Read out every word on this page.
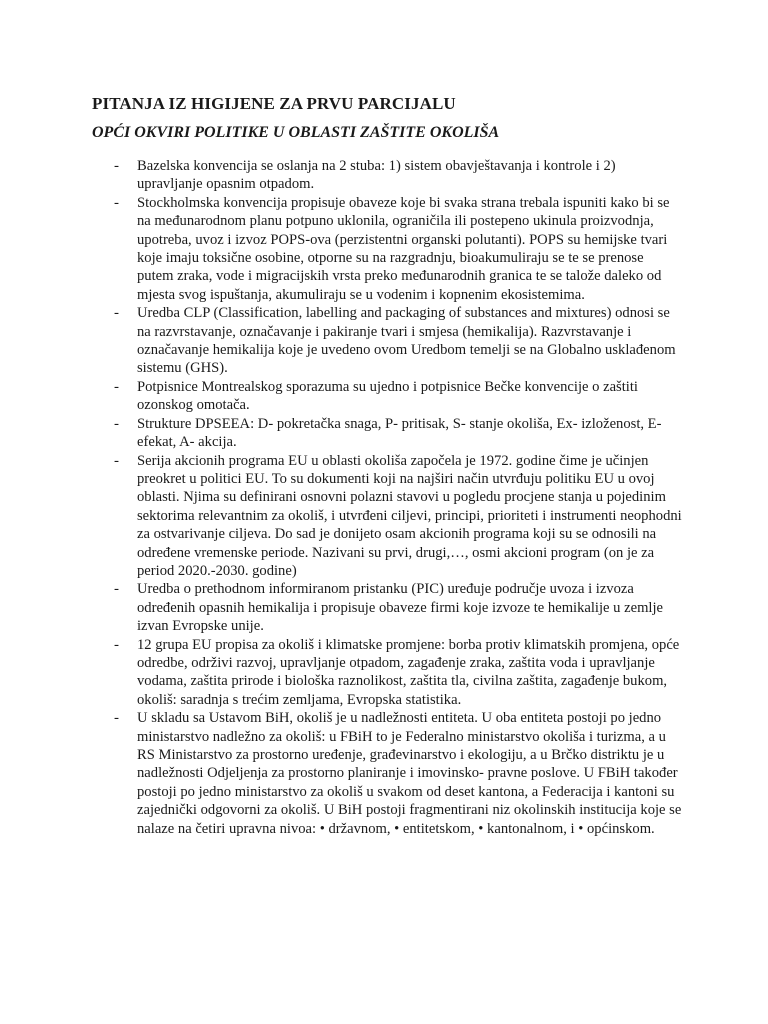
PITANJA IZ HIGIJENE ZA PRVU PARCIJALU
OPĆI OKVIRI POLITIKE U OBLASTI ZAŠTITE OKOLIŠA
- Bazelska konvencija se oslanja na 2 stuba: 1) sistem obavještavanja i kontrole i 2) upravljanje opasnim otpadom.
- Stockholmska konvencija propisuje obaveze koje bi svaka strana trebala ispuniti kako bi se na međunarodnom planu potpuno uklonila, ograničila ili postepeno ukinula proizvodnja, upotreba, uvoz i izvoz POPS-ova (perzistentni organski polutanti). POPS su hemijske tvari koje imaju toksične osobine, otporne su na razgradnju, bioakumuliraju se te se prenose putem zraka, vode i migracijskih vrsta preko međunarodnih granica te se talože daleko od mjesta svog ispuštanja, akumuliraju se u vodenim i kopnenim ekosistemima.
- Uredba CLP (Classification, labelling and packaging of substances and mixtures) odnosi se na razvrstavanje, označavanje i pakiranje tvari i smjesa (hemikalija). Razvrstavanje i označavanje hemikalija koje je uvedeno ovom Uredbom temelji se na Globalno usklađenom sistemu (GHS).
- Potpisnice Montrealskog sporazuma su ujedno i potpisnice Bečke konvencije o zaštiti ozonskog omotača.
- Strukture DPSEEA: D- pokretačka snaga, P- pritisak, S- stanje okoliša, Ex- izloženost, E- efekat, A- akcija.
- Serija akcionih programa EU u oblasti okoliša započela je 1972. godine čime je učinjen preokret u politici EU. To su dokumenti koji na najširi način utvrđuju politiku EU u ovoj oblasti. Njima su definirani osnovni polazni stavovi u pogledu procjene stanja u pojedinim sektorima relevantnim za okoliš, i utvrđeni ciljevi, principi, prioriteti i instrumenti neophodni za ostvarivanje ciljeva. Do sad je donijeto osam akcionih programa koji su se odnosili na određene vremenske periode. Nazivani su prvi, drugi,…, osmi akcioni program (on je za period 2020.-2030. godine)
- Uredba o prethodnom informiranom pristanku (PIC) uređuje područje uvoza i izvoza određenih opasnih hemikalija i propisuje obaveze firmi koje izvoze te hemikalije u zemlje izvan Evropske unije.
- 12 grupa EU propisa za okoliš i klimatske promjene: borba protiv klimatskih promjena, opće odredbe, održivi razvoj, upravljanje otpadom, zagađenje zraka, zaštita voda i upravljanje vodama, zaštita prirode i biološka raznolikost, zaštita tla, civilna zaštita, zagađenje bukom, okoliš: saradnja s trećim zemljama, Evropska statistika.
- U skladu sa Ustavom BiH, okoliš je u nadležnosti entiteta. U oba entiteta postoji po jedno ministarstvo nadležno za okoliš: u FBiH to je Federalno ministarstvo okoliša i turizma, a u RS Ministarstvo za prostorno uređenje, građevinarstvo i ekologiju, a u Brčko distriktu je u nadležnosti Odjeljenja za prostorno planiranje i imovinsko- pravne poslove. U FBiH također postoji po jedno ministarstvo za okoliš u svakom od deset kantona, a Federacija i kantoni su zajednički odgovorni za okoliš. U BiH postoji fragmentirani niz okolinskih institucija koje se nalaze na četiri upravna nivoa: • državnom, • entitetskom, • kantonalnom, i • općinskom.
